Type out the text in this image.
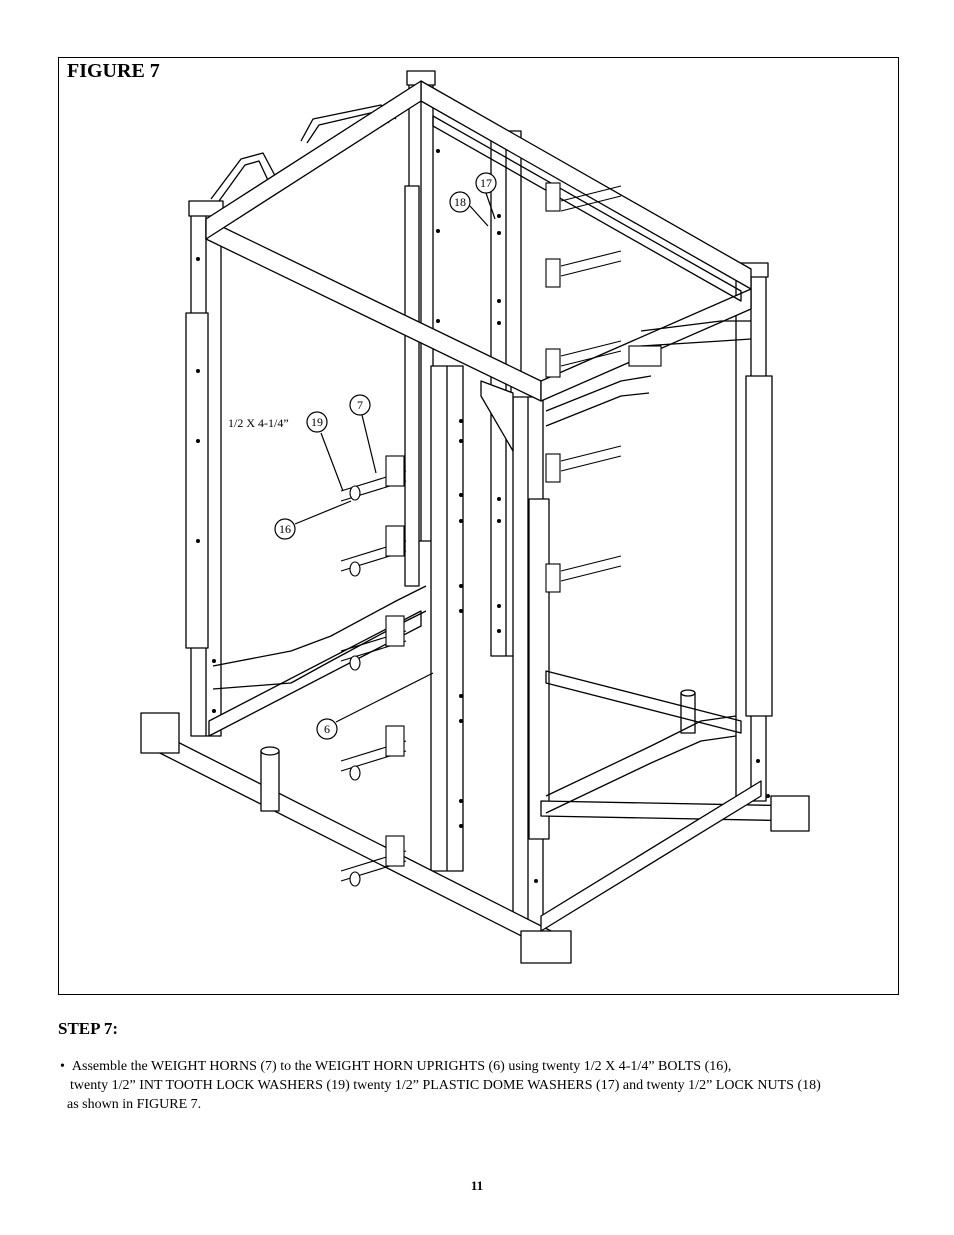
17
18
7
19
16
6
1/2 X 4-1/4”
FIGURE 7
STEP 7:
• Assemble the WEIGHT HORNS (7) to the WEIGHT HORN UPRIGHTS (6) using twenty 1/2 X 4-1/4” BOLTS (16),
twenty 1/2” INT TOOTH LOCK WASHERS (19) twenty 1/2” PLASTIC DOME WASHERS (17) and twenty 1/2” LOCK NUTS (18)
as shown in FIGURE 7.
11
